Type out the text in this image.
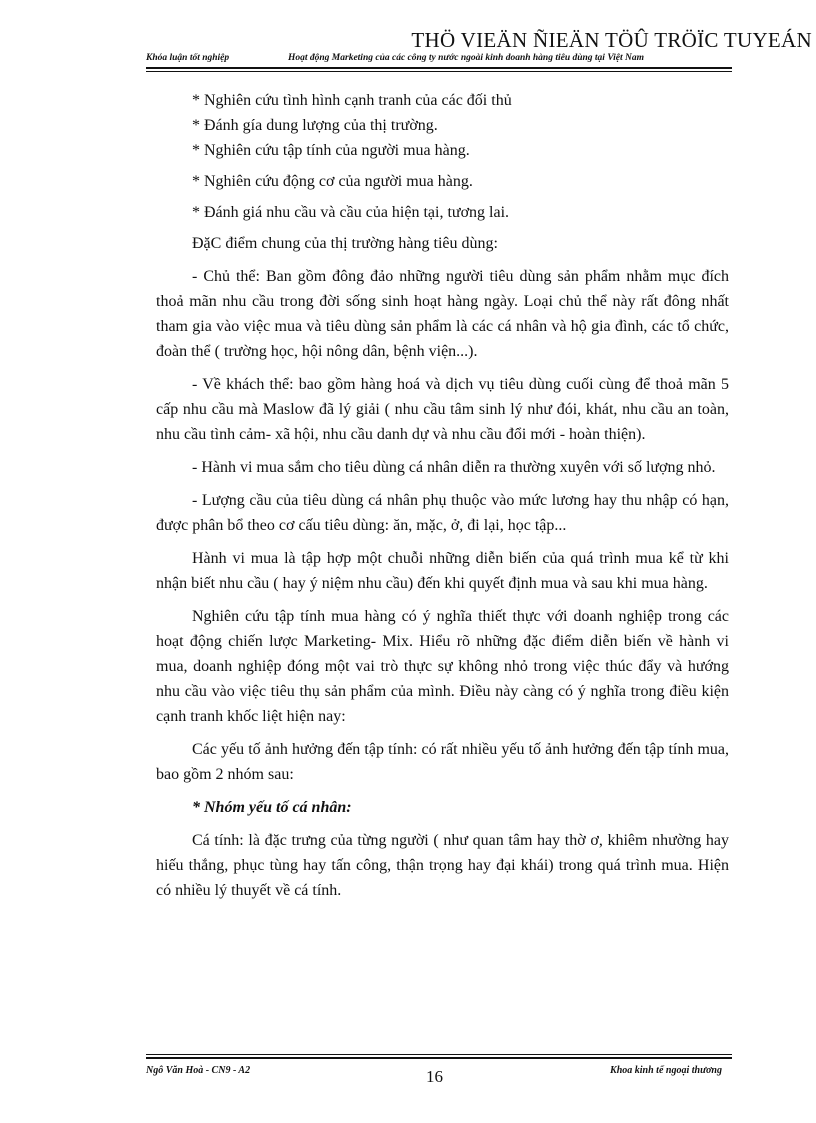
THÖ VIEÄN ÑIEÄN TÖÛ TRÖÏC TUYEÁN
Khóa luận tốt nghiệp	Hoạt động Marketing của các công ty nước ngoài kinh doanh hàng tiêu dùng tại Việt Nam

* Nghiên cứu tình hình cạnh tranh của các đối thủ

* Đánh gía dung lượng của thị trường.

* Nghiên cứu tập tính của người mua hàng.

* Nghiên cứu động cơ của người mua hàng.

* Đánh giá nhu cầu và cầu của hiện tại, tương lai.

ĐặC điểm chung của thị trường hàng tiêu dùng:

- Chủ thể: Ban gồm đông đảo những người tiêu dùng sản phẩm nhằm mục đích thoả mãn nhu cầu trong đời sống sinh hoạt hàng ngày. Loại chủ thể này rất đông nhất tham gia vào việc mua và tiêu dùng sản phẩm là các cá nhân và hộ gia đình, các tổ chức, đoàn thể ( trường học, hội nông dân, bệnh viện...).

- Về khách thể: bao gồm hàng hoá và dịch vụ tiêu dùng cuối cùng để thoả mãn 5 cấp nhu cầu mà Maslow đã lý giải ( nhu cầu tâm sinh lý như đói, khát, nhu cầu an toàn, nhu cầu tình cảm- xã hội, nhu cầu danh dự và nhu cầu đổi mới - hoàn thiện).

- Hành vi mua sắm cho tiêu dùng cá nhân diễn ra thường xuyên với số lượng nhỏ.

- Lượng cầu của tiêu dùng cá nhân phụ thuộc vào mức lương hay thu nhập có hạn, được phân bổ theo cơ cấu tiêu dùng: ăn, mặc, ở, đi lại, học tập...

Hành vi mua là tập hợp một chuỗi những diễn biến của quá trình mua kể từ khi nhận biết nhu cầu ( hay ý niệm nhu cầu) đến khi quyết định mua và sau khi mua hàng.

Nghiên cứu tập tính mua hàng có ý nghĩa thiết thực với doanh nghiệp trong các hoạt động chiến lược Marketing- Mix. Hiểu rõ những đặc điểm diễn biến về hành vi mua, doanh nghiệp đóng một vai trò thực sự không nhỏ trong việc thúc đẩy và hướng nhu cầu vào việc tiêu thụ sản phẩm của mình. Điều này càng có ý nghĩa trong điều kiện cạnh tranh khốc liệt hiện nay:

Các yếu tố ảnh hưởng đến tập tính: có rất nhiều yếu tố ảnh hưởng đến tập tính mua, bao gồm 2 nhóm sau:

* Nhóm yếu tố cá nhân:

Cá tính: là đặc trưng của từng người ( như quan tâm hay thờ ơ, khiêm nhường hay hiếu thắng, phục tùng hay tấn công, thận trọng hay đại khái) trong quá trình mua. Hiện có nhiều lý thuyết về cá tính.

Ngô Văn Hoà - CN9 - A2	16	Khoa kinh tế ngoại thương
